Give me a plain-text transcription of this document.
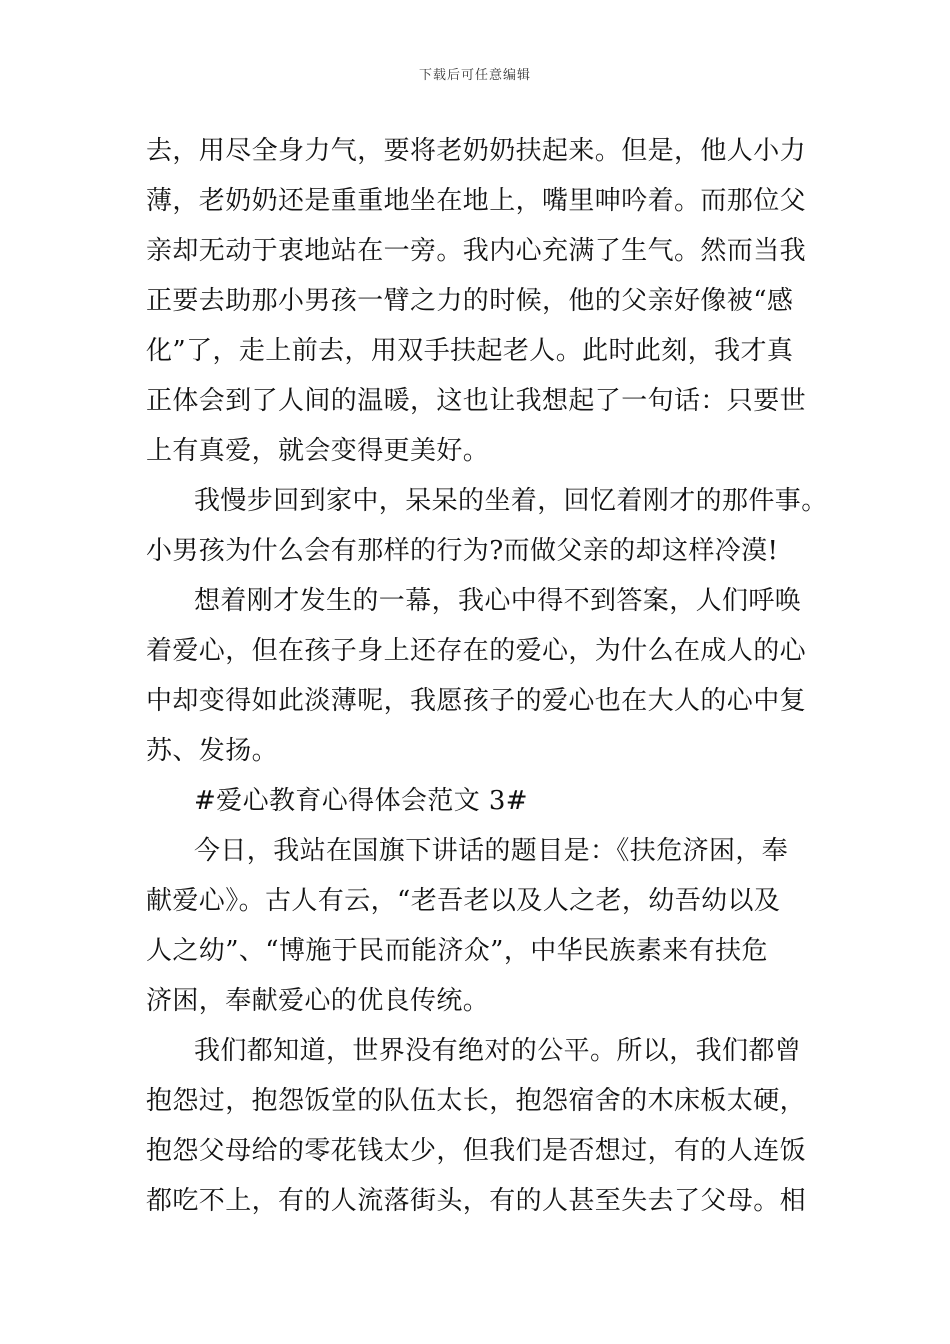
下载后可任意编辑
去，用尽全身力气，要将老奶奶扶起来。但是，他人小力
薄，老奶奶还是重重地坐在地上，嘴里呻吟着。而那位父
亲却无动于衷地站在一旁。我内心充满了生气。然而当我
正要去助那小男孩一臂之力的时候，他的父亲好像被“感
化”了，走上前去，用双手扶起老人。此时此刻，我才真
正体会到了人间的温暖，这也让我想起了一句话：只要世
上有真爱，就会变得更美好。
我慢步回到家中，呆呆的坐着，回忆着刚才的那件事。
小男孩为什么会有那样的行为?而做父亲的却这样冷漠!
想着刚才发生的一幕，我心中得不到答案，人们呼唤
着爱心，但在孩子身上还存在的爱心，为什么在成人的心
中却变得如此淡薄呢，我愿孩子的爱心也在大人的心中复
苏、发扬。
#爱心教育心得体会范文 3#
今日，我站在国旗下讲话的题目是：《扶危济困，奉
献爱心》。古人有云，“老吾老以及人之老，幼吾幼以及
人之幼”、“博施于民而能济众”，中华民族素来有扶危
济困，奉献爱心的优良传统。
我们都知道，世界没有绝对的公平。所以，我们都曾
抱怨过，抱怨饭堂的队伍太长，抱怨宿舍的木床板太硬，
抱怨父母给的零花钱太少，但我们是否想过，有的人连饭
都吃不上，有的人流落街头，有的人甚至失去了父母。相
